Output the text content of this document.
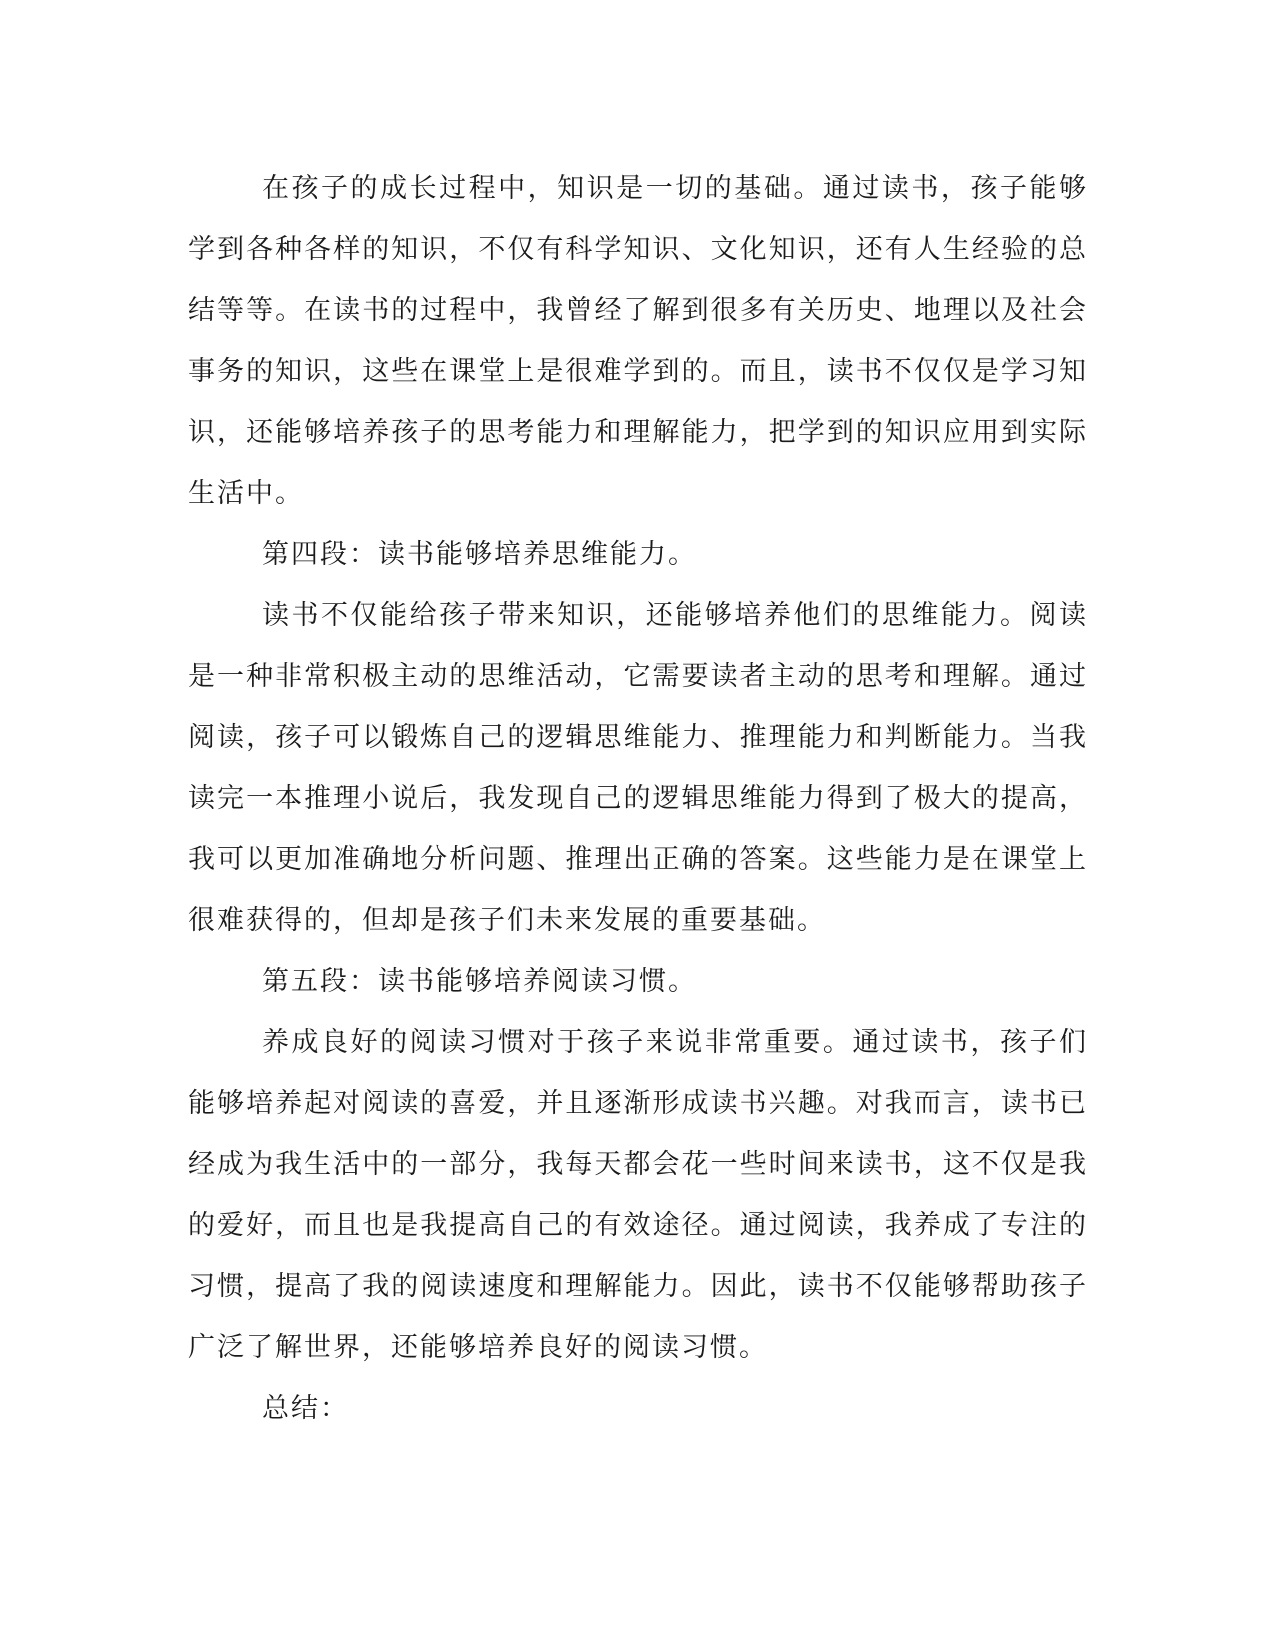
在孩子的成长过程中，知识是一切的基础。通过读书，孩子能够学到各种各样的知识，不仅有科学知识、文化知识，还有人生经验的总结等等。在读书的过程中，我曾经了解到很多有关历史、地理以及社会事务的知识，这些在课堂上是很难学到的。而且，读书不仅仅是学习知识，还能够培养孩子的思考能力和理解能力，把学到的知识应用到实际生活中。

第四段：读书能够培养思维能力。

读书不仅能给孩子带来知识，还能够培养他们的思维能力。阅读是一种非常积极主动的思维活动，它需要读者主动的思考和理解。通过阅读，孩子可以锻炼自己的逻辑思维能力、推理能力和判断能力。当我读完一本推理小说后，我发现自己的逻辑思维能力得到了极大的提高，我可以更加准确地分析问题、推理出正确的答案。这些能力是在课堂上很难获得的，但却是孩子们未来发展的重要基础。

第五段：读书能够培养阅读习惯。

养成良好的阅读习惯对于孩子来说非常重要。通过读书，孩子们能够培养起对阅读的喜爱，并且逐渐形成读书兴趣。对我而言，读书已经成为我生活中的一部分，我每天都会花一些时间来读书，这不仅是我的爱好，而且也是我提高自己的有效途径。通过阅读，我养成了专注的习惯，提高了我的阅读速度和理解能力。因此，读书不仅能够帮助孩子广泛了解世界，还能够培养良好的阅读习惯。

总结：
